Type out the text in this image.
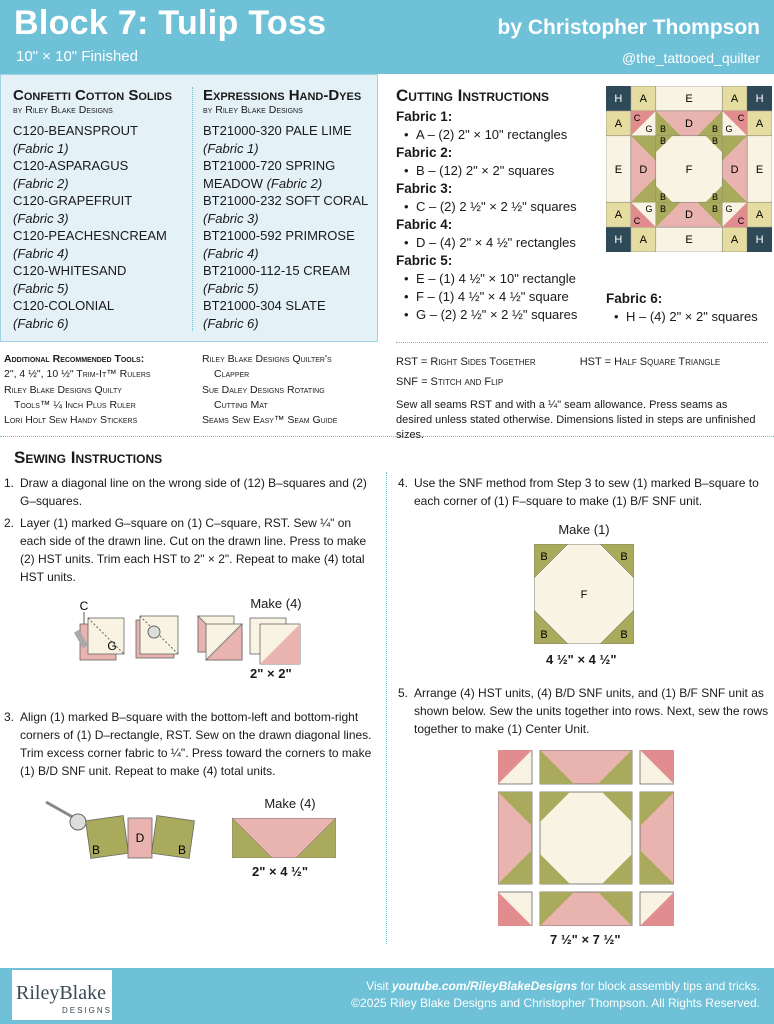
Block 7: Tulip Toss
10" × 10" Finished
by Christopher Thompson
@the_tattooed_quilter
Confetti Cotton Solids
by Riley Blake Designs
C120-BEANSPROUT
(Fabric 1)
C120-ASPARAGUS
(Fabric 2)
C120-GRAPEFRUIT
(Fabric 3)
C120-PEACHESNCREAM
(Fabric 4)
C120-WHITESAND
(Fabric 5)
C120-COLONIAL
(Fabric 6)
Expressions Hand-Dyes
by Riley Blake Designs
BT21000-320 PALE LIME
(Fabric 1)
BT21000-720 SPRING
MEADOW (Fabric 2)
BT21000-232 SOFT CORAL
(Fabric 3)
BT21000-592 PRIMROSE
(Fabric 4)
BT21000-112-15 CREAM
(Fabric 5)
BT21000-304 SLATE
(Fabric 6)
Cutting Instructions
Fabric 1:
• A – (2) 2" × 10" rectangles
Fabric 2:
• B – (12) 2" × 2" squares
Fabric 3:
• C – (2) 2 ½" × 2 ½" squares
Fabric 4:
• D – (4) 2" × 4 ½" rectangles
Fabric 5:
• E – (1) 4 ½" × 10" rectangle
• F – (1) 4 ½" × 4 ½" square
• G – (2) 2 ½" × 2 ½" squares
Fabric 6:
• H – (4) 2" × 2" squares
H	H
H	H
A	E	A
A	E	A
A
E
A
A
E
A
C
G
C
G
C
G
C
G
D
D
D	D
F
B	B
B	B
B	B
B	B
Additional Recommended Tools:
2", 4 ½", 10 ½" Trim-It™ Rulers
Riley Blake Designs Quilty
Tools™ ¼ Inch Plus Ruler
Lori Holt Sew Handy Stickers
Riley Blake Designs Quilter's
Clapper
Sue Daley Designs Rotating
Cutting Mat
Seams Sew Easy™ Seam Guide
RST = Right Sides Together	HST = Half Square Triangle
SNF = Stitch and Flip
Sew all seams RST and with a ¼" seam allowance. Press seams as desired unless stated otherwise. Dimensions listed in steps are unfinished sizes.
Sewing Instructions
1. Draw a diagonal line on the wrong side of (12) B–squares and (2) G–squares.
2. Layer (1) marked G–square on (1) C–square, RST. Sew ¼" on each side of the drawn line. Cut on the drawn line. Press to make (2) HST units. Trim each HST to 2" × 2". Repeat to make (4) total HST units.
C
G
Make (4)
2" × 2"
3. Align (1) marked B–square with the bottom-left and bottom-right corners of (1) D–rectangle, RST. Sew on the drawn diagonal lines. Trim excess corner fabric to ¼". Press toward the corners to make (1) B/D SNF unit. Repeat to make (4) total units.
B
D
B
Make (4)
2" × 4 ½"
4. Use the SNF method from Step 3 to sew (1) marked B–square to each corner of (1) F–square to make (1) B/F SNF unit.
Make (1)
B	B
B	B
F
4 ½" × 4 ½"
5. Arrange (4) HST units, (4) B/D SNF units, and (1) B/F SNF unit as shown below. Sew the units together into rows. Next, sew the rows together to make (1) Center Unit.
7 ½" × 7 ½"
Visit youtube.com/RileyBlakeDesigns for block assembly tips and tricks.
©2025 Riley Blake Designs and Christopher Thompson. All Rights Reserved.
RileyBlake
DESIGNS
